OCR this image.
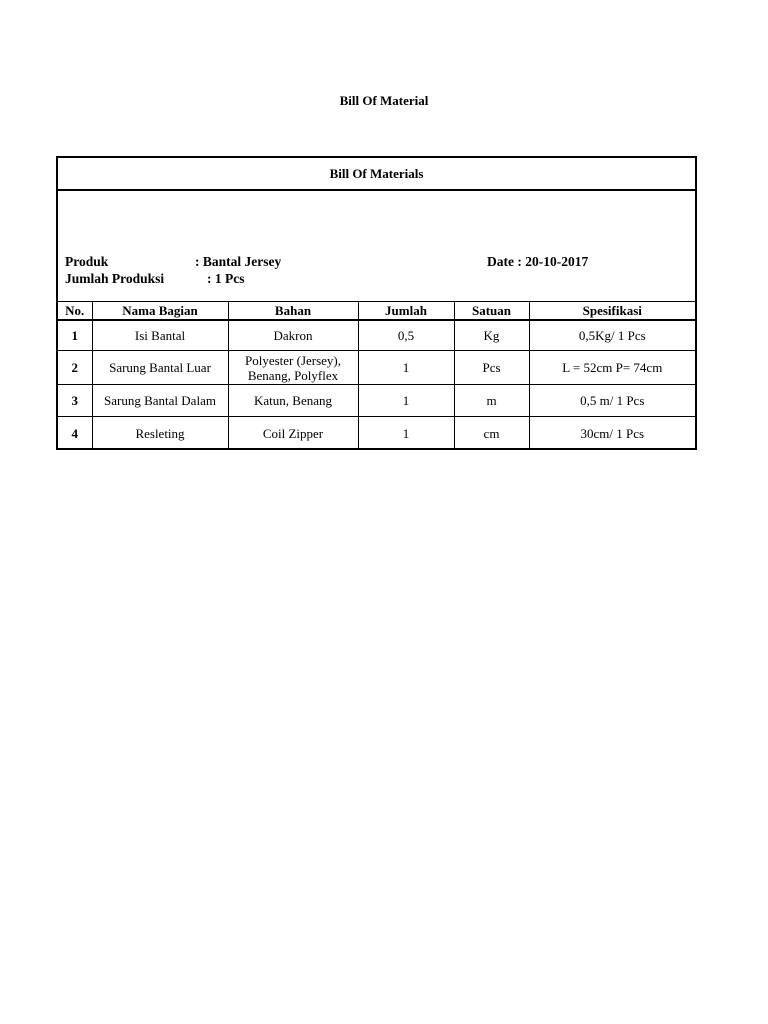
Bill Of Material
Bill Of Materials
Produk	: Bantal Jersey	Date : 20-10-2017
Jumlah Produksi	: 1 Pcs
No.	Nama Bagian	Bahan	Jumlah	Satuan	Spesifikasi
1	Isi Bantal	Dakron	0,5	Kg	0,5Kg/ 1 Pcs
2	Sarung Bantal Luar	Polyester (Jersey),
Benang, Polyflex	1	Pcs	L = 52cm P= 74cm
3	Sarung Bantal Dalam	Katun, Benang	1	m	0,5 m/ 1 Pcs
4	Resleting	Coil Zipper	1	cm	30cm/ 1 Pcs
